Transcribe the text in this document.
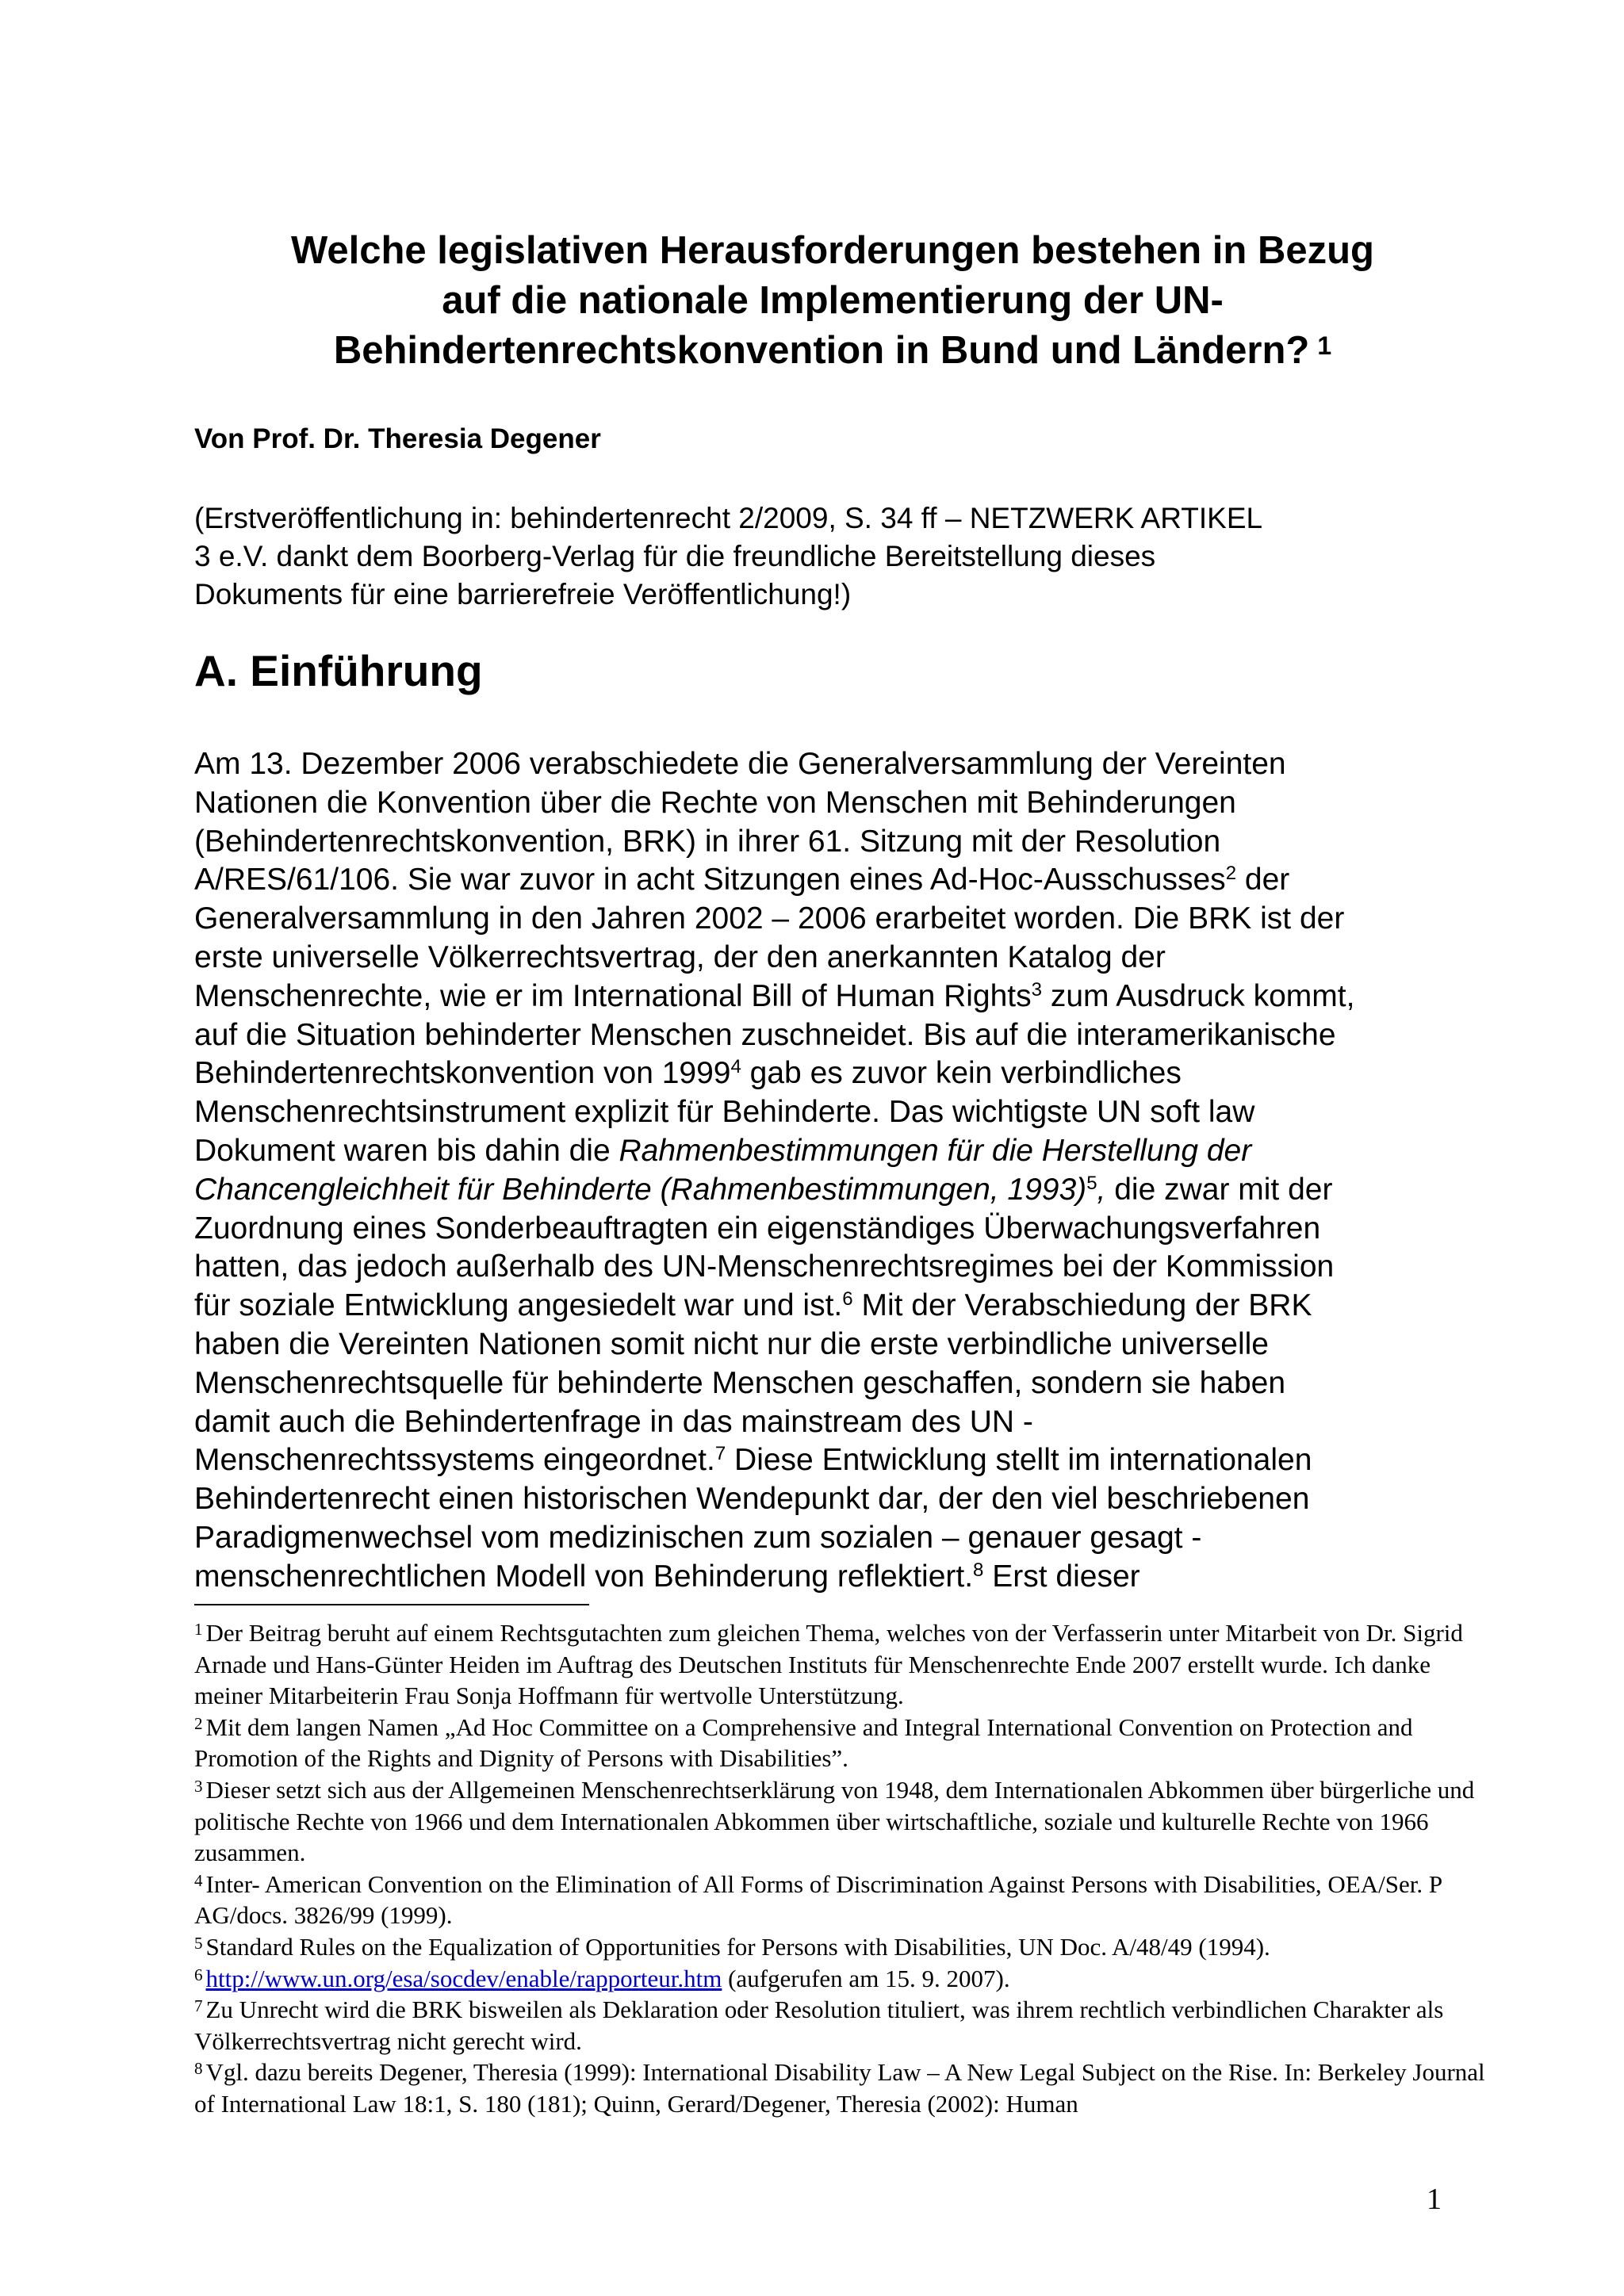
Welche legislativen Herausforderungen bestehen in Bezug
auf die nationale Implementierung der UN-
Behindertenrechtskonvention in Bund und Ländern? $^1$

Von Prof. Dr. Theresia Degener

(Erstveröffentlichung in: behindertenrecht 2/2009, S. 34 ff – NETZWERK ARTIKEL
3 e.V. dankt dem Boorberg-Verlag für die freundliche Bereitstellung dieses
Dokuments für eine barrierefreie Veröffentlichung!)

A. Einführung

Am 13. Dezember 2006 verabschiedete die Generalversammlung der Vereinten
Nationen die Konvention über die Rechte von Menschen mit Behinderungen
(Behindertenrechtskonvention, BRK) in ihrer 61. Sitzung mit der Resolution
A/RES/61/106. Sie war zuvor in acht Sitzungen eines Ad-Hoc-Ausschusses$^2$ der
Generalversammlung in den Jahren 2002 – 2006 erarbeitet worden. Die BRK ist der
erste universelle Völkerrechtsvertrag, der den anerkannten Katalog der
Menschenrechte, wie er im International Bill of Human Rights$^3$ zum Ausdruck kommt,
auf die Situation behinderter Menschen zuschneidet. Bis auf die interamerikanische
Behindertenrechtskonvention von 1999$^4$ gab es zuvor kein verbindliches
Menschenrechtsinstrument explizit für Behinderte. Das wichtigste UN soft law
Dokument waren bis dahin die Rahmenbestimmungen für die Herstellung der
Chancengleichheit für Behinderte (Rahmenbestimmungen, 1993)$^5$, die zwar mit der
Zuordnung eines Sonderbeauftragten ein eigenständiges Überwachungsverfahren
hatten, das jedoch außerhalb des UN-Menschenrechtsregimes bei der Kommission
für soziale Entwicklung angesiedelt war und ist.$^6$ Mit der Verabschiedung der BRK
haben die Vereinten Nationen somit nicht nur die erste verbindliche universelle
Menschenrechtsquelle für behinderte Menschen geschaffen, sondern sie haben
damit auch die Behindertenfrage in das mainstream des UN -
Menschenrechtssystems eingeordnet.$^7$ Diese Entwicklung stellt im internationalen
Behindertenrecht einen historischen Wendepunkt dar, der den viel beschriebenen
Paradigmenwechsel vom medizinischen zum sozialen – genauer gesagt -
menschenrechtlichen Modell von Behinderung reflektiert.$^8$ Erst dieser

$^1$ Der Beitrag beruht auf einem Rechtsgutachten zum gleichen Thema, welches von der Verfasserin unter Mitarbeit von Dr. Sigrid Arnade und Hans-Günter Heiden im Auftrag des Deutschen Instituts für Menschenrechte Ende 2007 erstellt wurde. Ich danke meiner Mitarbeiterin Frau Sonja Hoffmann für wertvolle Unterstützung.
$^2$ Mit dem langen Namen „Ad Hoc Committee on a Comprehensive and Integral International Convention on Protection and Promotion of the Rights and Dignity of Persons with Disabilities”.
$^3$ Dieser setzt sich aus der Allgemeinen Menschenrechtserklärung von 1948, dem Internationalen Abkommen über bürgerliche und politische Rechte von 1966 und dem Internationalen Abkommen über wirtschaftliche, soziale und kulturelle Rechte von 1966 zusammen.
$^4$ Inter- American Convention on the Elimination of All Forms of Discrimination Against Persons with Disabilities, OEA/Ser. P AG/docs. 3826/99 (1999).
$^5$ Standard Rules on the Equalization of Opportunities for Persons with Disabilities, UN Doc. A/48/49 (1994).
$^6$ http://www.un.org/esa/socdev/enable/rapporteur.htm (aufgerufen am 15. 9. 2007).
$^7$ Zu Unrecht wird die BRK bisweilen als Deklaration oder Resolution tituliert, was ihrem rechtlich verbindlichen Charakter als Völkerrechtsvertrag nicht gerecht wird.
$^8$ Vgl. dazu bereits Degener, Theresia (1999): International Disability Law – A New Legal Subject on the Rise. In: Berkeley Journal of International Law 18:1, S. 180 (181); Quinn, Gerard/Degener, Theresia (2002): Human

1
